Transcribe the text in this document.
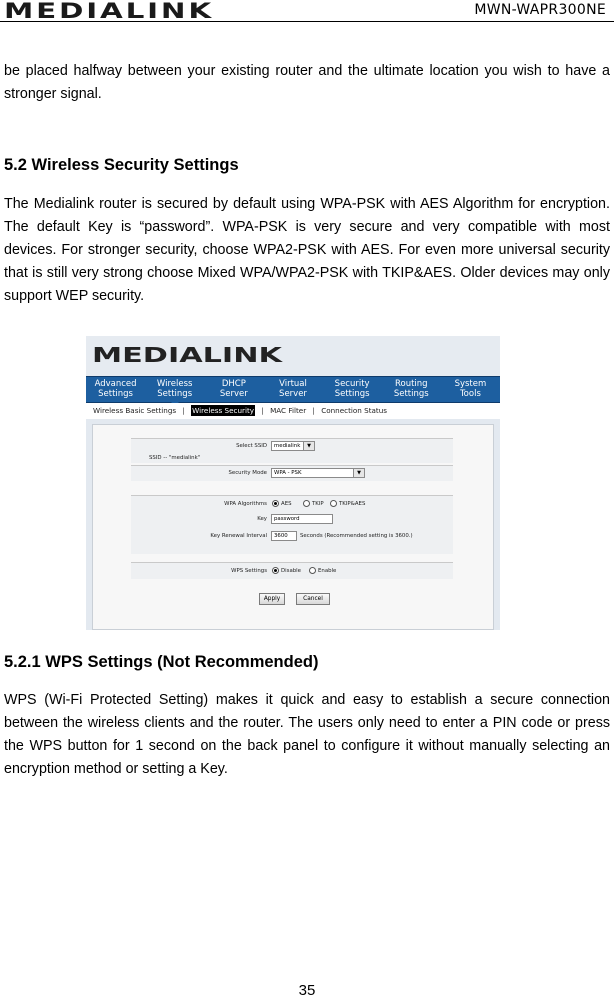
MEDIALINK	MWN-WAPR300NE
be placed halfway between your existing router and the ultimate location you wish to have a stronger signal.
5.2 Wireless Security Settings
The Medialink router is secured by default using WPA-PSK with AES Algorithm for encryption. The default Key is “password”. WPA-PSK is very secure and very compatible with most devices. For stronger security, choose WPA2-PSK with AES. For even more universal security that is still very strong choose Mixed WPA/WPA2-PSK with TKIP&AES. Older devices may only support WEP security.
MEDIALINK
Advanced
Settings
Wireless
Settings
DHCP
Server
Virtual
Server
Security
Settings
Routing
Settings
System
Tools
Wireless Basic Settings | Wireless Security | MAC Filter | Connection Status
Select SSID	medialink	▼
SSID -- "medialink"
Security Mode	WPA - PSK	▼
WPA Algorithms	AES	TKIP	TKIP&AES
Key	password
Key Renewal Interval	3600	Seconds (Recommended setting is 3600.)
WPS Settings	Disable	Enable
Apply	Cancel
5.2.1 WPS Settings (Not Recommended)
WPS (Wi-Fi Protected Setting) makes it quick and easy to establish a secure connection between the wireless clients and the router. The users only need to enter a PIN code or press the WPS button for 1 second on the back panel to configure it without manually selecting an encryption method or setting a Key.
35
